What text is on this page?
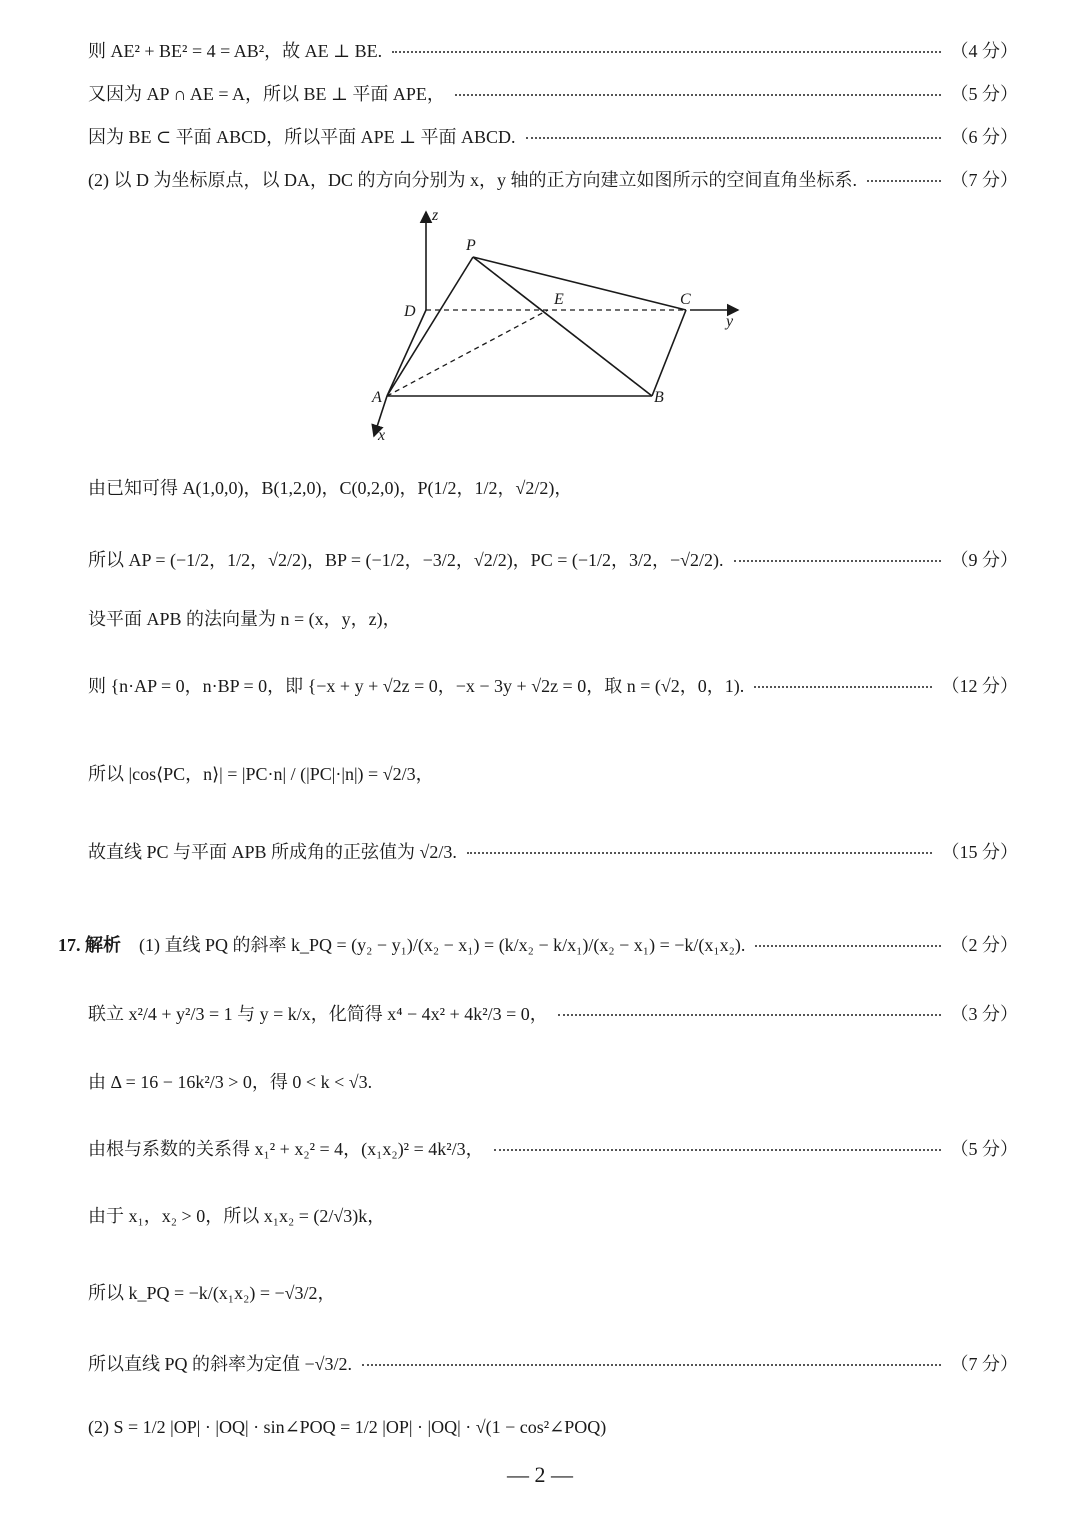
则 AE² + BE² = 4 = AB²，故 AE ⊥ BE.	（4 分）
又因为 AP ∩ AE = A，所以 BE ⊥ 平面 APE，	（5 分）
因为 BE ⊂ 平面 ABCD，所以平面 APE ⊥ 平面 ABCD.	（6 分）
(2) 以 D 为坐标原点，以 DA，DC 的方向分别为 x，y 轴的正方向建立如图所示的空间直角坐标系.	（7 分）
z
y
x
P
D
E	C
A	B
由已知可得 A(1,0,0)，B(1,2,0)，C(0,2,0)，P(1/2，1/2，√2/2)，
所以 AP = (−1/2，1/2，√2/2)，BP = (−1/2，−3/2，√2/2)，PC = (−1/2，3/2，−√2/2).	（9 分）
设平面 APB 的法向量为 n = (x，y，z)，
则 {n·AP = 0，n·BP = 0，即 {−x + y + √2z = 0，−x − 3y + √2z = 0，取 n = (√2，0，1).	（12 分）
所以 |cos⟨PC，n⟩| = |PC·n| / (|PC|·|n|) = √2/3，
故直线 PC 与平面 APB 所成角的正弦值为 √2/3.	（15 分）
17. 解析 (1) 直线 PQ 的斜率 k_PQ = (y₂ − y₁)/(x₂ − x₁) = (k/x₂ − k/x₁)/(x₂ − x₁) = −k/(x₁x₂).	（2 分）
联立 x²/4 + y²/3 = 1 与 y = k/x，化简得 x⁴ − 4x² + 4k²/3 = 0，	（3 分）
由 Δ = 16 − 16k²/3 > 0，得 0 < k < √3.
由根与系数的关系得 x₁² + x₂² = 4，(x₁x₂)² = 4k²/3，	（5 分）
由于 x₁，x₂ > 0，所以 x₁x₂ = (2/√3)k，
所以 k_PQ = −k/(x₁x₂) = −√3/2，
所以直线 PQ 的斜率为定值 −√3/2.	（7 分）
(2) S = 1/2 |OP| · |OQ| · sin∠POQ = 1/2 |OP| · |OQ| · √(1 − cos²∠POQ)
— 2 —
